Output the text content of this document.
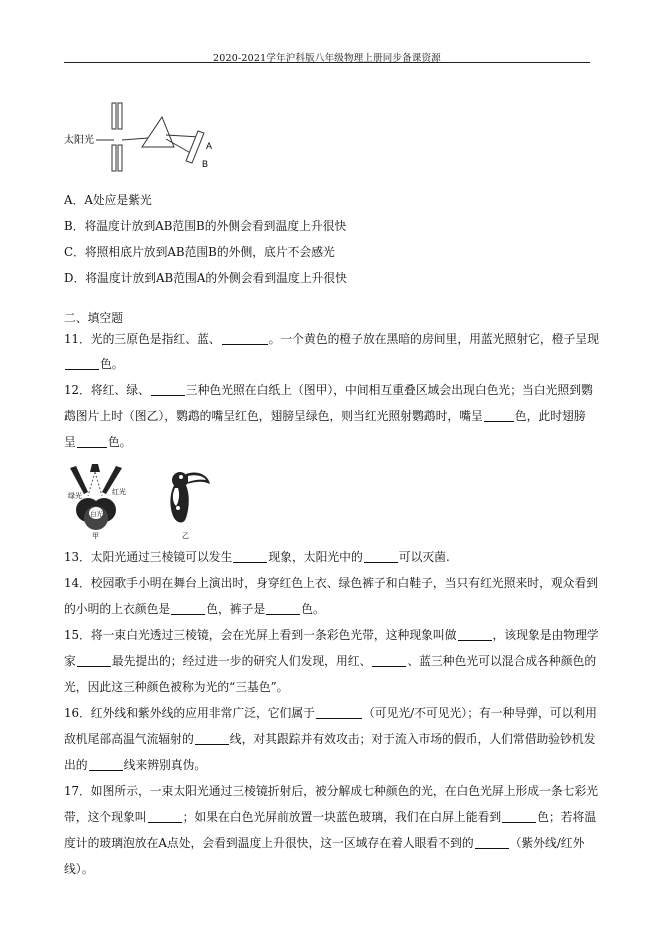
2020-2021学年沪科版八年级物理上册同步备课资源
太阳光	A
B
A．A处应是紫光
B．将温度计放到AB范围B的外侧会看到温度上升很快
C．将照相底片放到AB范围B的外侧，底片不会感光
D．将温度计放到AB范围A的外侧会看到温度上升很快
二、填空题
11．光的三原色是指红、蓝、	。一个黄色的橙子放在黑暗的房间里，用蓝光照射它，橙子呈现
色。
12．将红、绿、	三种色光照在白纸上（图甲），中间相互重叠区域会出现白色光；当白光照到鹦
鹉图片上时（图乙），鹦鹉的嘴呈红色，翅膀呈绿色，则当红光照射鹦鹉时，嘴呈	色，此时翅膀
呈	色。
绿光
红光
白光
甲	乙
13．太阳光通过三棱镜可以发生	现象，太阳光中的	可以灭菌.
14．校园歌手小明在舞台上演出时，身穿红色上衣、绿色裤子和白鞋子，当只有红光照来时，观众看到
的小明的上衣颜色是	色，裤子是	色。
15．将一束白光透过三棱镜，会在光屏上看到一条彩色光带，这种现象叫做	，该现象是由物理学
家	最先提出的；经过进一步的研究人们发现，用红、	、蓝三种色光可以混合成各种颜色的
光，因此这三种颜色被称为光的“三基色”。
16．红外线和紫外线的应用非常广泛，它们属于	（可见光/不可见光）；有一种导弹，可以利用
敌机尾部高温气流辐射的	线，对其跟踪并有效攻击；对于流入市场的假币，人们常借助验钞机发
出的	线来辨别真伪。
17．如图所示，一束太阳光通过三棱镜折射后，被分解成七种颜色的光，在白色光屏上形成一条七彩光
带，这个现象叫	；如果在白色光屏前放置一块蓝色玻璃，我们在白屏上能看到	色；若将温
度计的玻璃泡放在A点处，会看到温度上升很快，这一区域存在着人眼看不到的	（紫外线/红外
线）。
